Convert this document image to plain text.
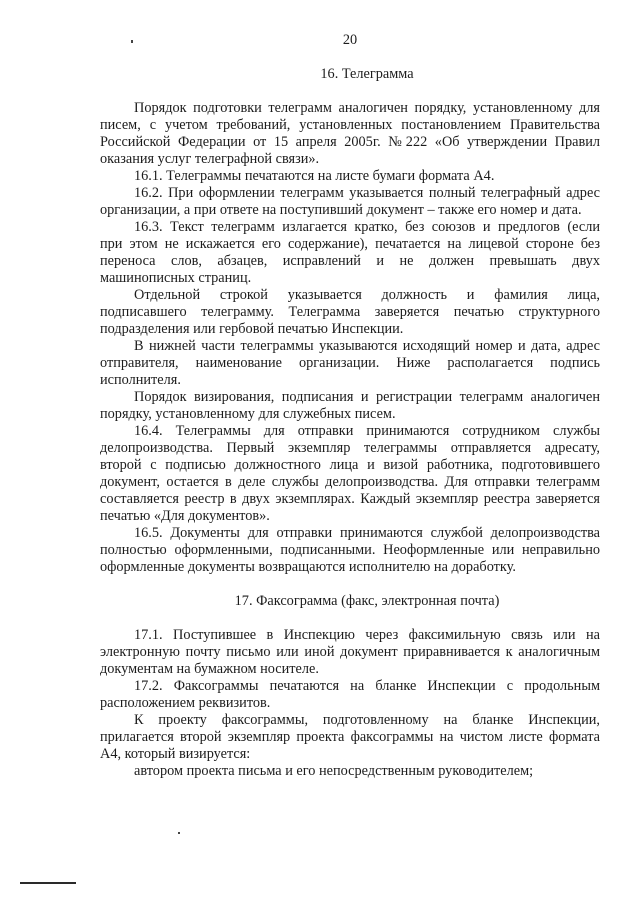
20
16. Телеграмма
Порядок подготовки телеграмм аналогичен порядку, установленному для
писем, с учетом требований, установленных постановлением Правительства
Российской Федерации от 15 апреля 2005г. №222 «Об утверждении Правил
оказания услуг телеграфной связи».
16.1. Телеграммы печатаются на листе бумаги формата А4.
16.2. При оформлении телеграмм указывается полный телеграфный адрес
организации, а при ответе на поступивший документ – также его номер и дата.
16.3. Текст телеграмм излагается кратко, без союзов и предлогов (если
при этом не искажается его содержание), печатается на лицевой стороне без
переноса слов, абзацев, исправлений и не должен превышать двух
машинописных страниц.
Отдельной строкой указывается должность и фамилия лица,
подписавшего телеграмму. Телеграмма заверяется печатью структурного
подразделения или гербовой печатью Инспекции.
В нижней части телеграммы указываются исходящий номер и дата, адрес
отправителя, наименование организации. Ниже располагается подпись
исполнителя.
Порядок визирования, подписания и регистрации телеграмм аналогичен
порядку, установленному для служебных писем.
16.4. Телеграммы для отправки принимаются сотрудником службы
делопроизводства. Первый экземпляр телеграммы отправляется адресату,
второй с подписью должностного лица и визой работника, подготовившего
документ, остается в деле службы делопроизводства. Для отправки телеграмм
составляется реестр в двух экземплярах. Каждый экземпляр реестра заверяется
печатью «Для документов».
16.5. Документы для отправки принимаются службой делопроизводства
полностью оформленными, подписанными. Неоформленные или неправильно
оформленные документы возвращаются исполнителю на доработку.
17. Факсограмма (факс, электронная почта)
17.1. Поступившее в Инспекцию через факсимильную связь или на
электронную почту письмо или иной документ приравнивается к аналогичным
документам на бумажном носителе.
17.2. Факсограммы печатаются на бланке Инспекции с продольным
расположением реквизитов.
К проекту факсограммы, подготовленному на бланке Инспекции,
прилагается второй экземпляр проекта факсограммы на чистом листе формата
А4, который визируется:
автором проекта письма и его непосредственным руководителем;
